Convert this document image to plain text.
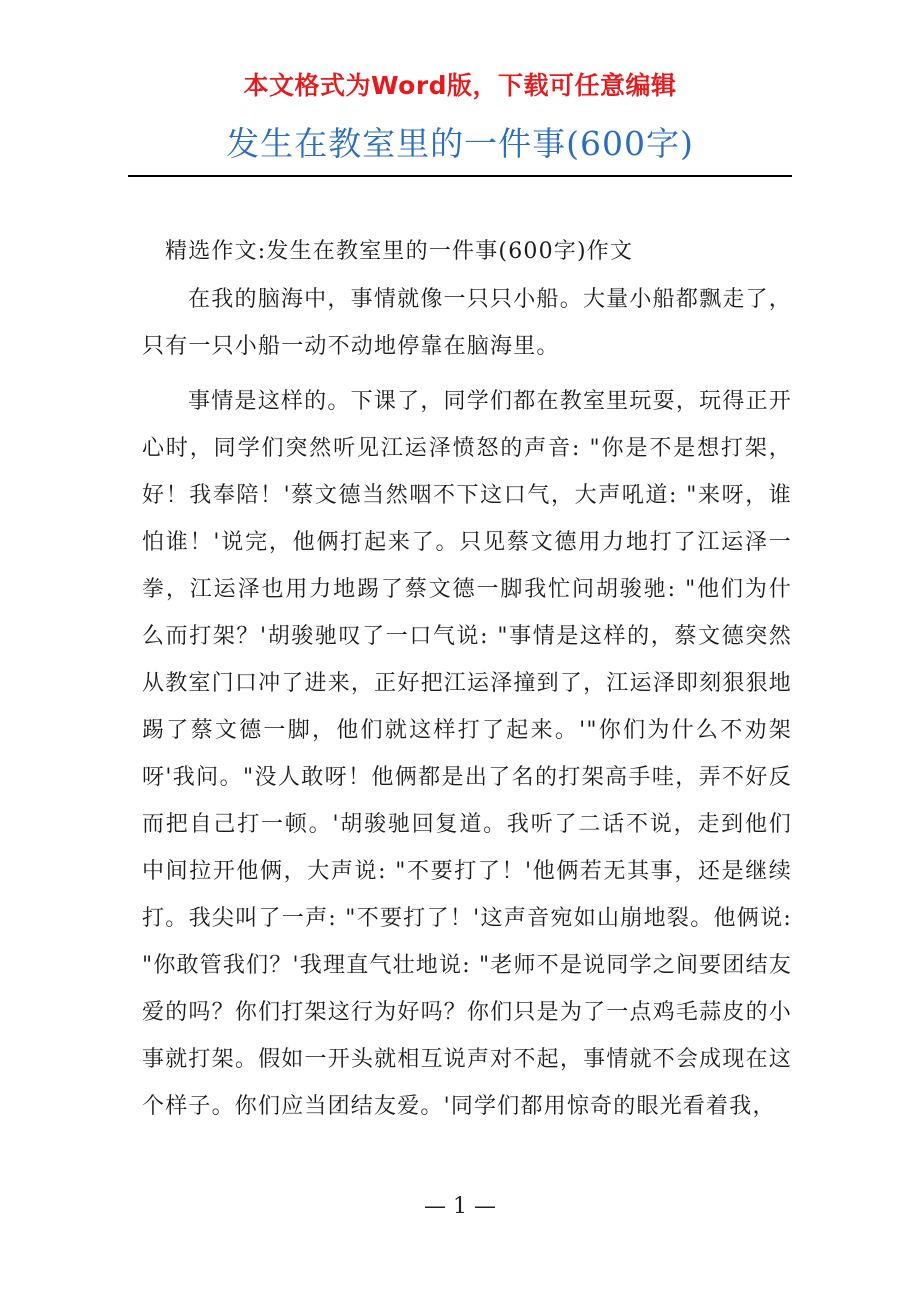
本文格式为Word版，下载可任意编辑
发生在教室里的一件事(600字)

精选作文:发生在教室里的一件事(600字)作文

在我的脑海中，事情就像一只只小船。大量小船都飘走了，只有一只小船一动不动地停靠在脑海里。

事情是这样的。下课了，同学们都在教室里玩耍，玩得正开心时，同学们突然听见江运泽愤怒的声音: "你是不是想打架，好！我奉陪！'蔡文德当然咽不下这口气，大声吼道: "来呀，谁怕谁！'说完，他俩打起来了。只见蔡文德用力地打了江运泽一拳，江运泽也用力地踢了蔡文德一脚我忙问胡骏驰: "他们为什么而打架？'胡骏驰叹了一口气说: "事情是这样的，蔡文德突然从教室门口冲了进来，正好把江运泽撞到了，江运泽即刻狠狠地踢了蔡文德一脚，他们就这样打了起来。'"你们为什么不劝架呀'我问。"没人敢呀！他俩都是出了名的打架高手哇，弄不好反而把自己打一顿。'胡骏驰回复道。我听了二话不说，走到他们中间拉开他俩，大声说: "不要打了！'他俩若无其事，还是继续打。我尖叫了一声: "不要打了！'这声音宛如山崩地裂。他俩说: "你敢管我们？'我理直气壮地说: "老师不是说同学之间要团结友爱的吗？你们打架这行为好吗？你们只是为了一点鸡毛蒜皮的小事就打架。假如一开头就相互说声对不起，事情就不会成现在这个样子。你们应当团结友爱。'同学们都用惊奇的眼光看着我，

— 1 —
